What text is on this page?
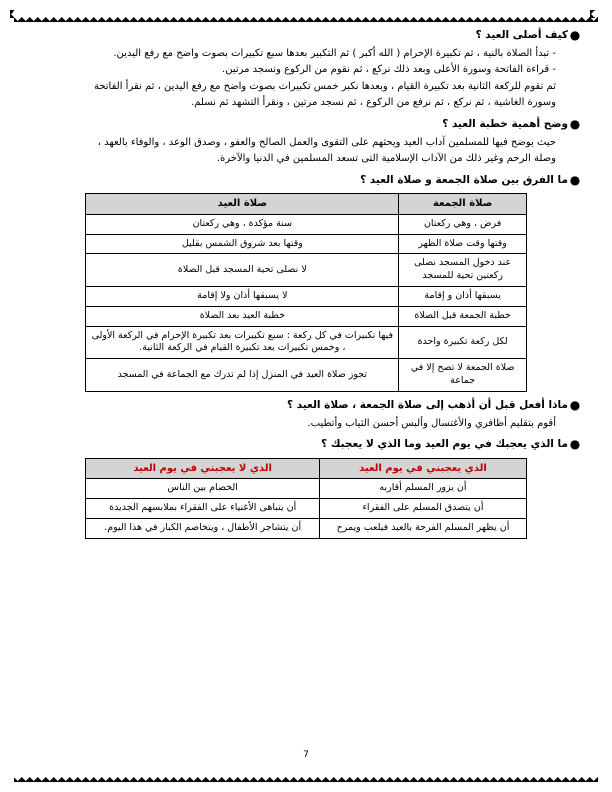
●
كيف أصلى العيد ؟

- تبدأ الصلاة بالنية ، ثم تكبيرة الإحرام ( الله أكبر ) ثم التكبير بعدها سبع تكبيرات بصوت واضح مع رفع اليدين.

- قراءة الفاتحة وسورة الأعلى وبعد ذلك نركع ، ثم نقوم من الركوع ونسجد مرتين.

ثم تقوم للركعة الثانية بعد تكبيرة القيام ، وبعدها نكبر خمس تكبيرات بصوت واضح مع رفع اليدين ، ثم نقرأ الفاتحة

وسورة الغاشية ، ثم نركع ، ثم نرفع من الركوع ، ثم نسجد مرتين ، ونقرأ التشهد ثم نسلم.

●
وضح أهمية خطبة العيد ؟

حيث يوضح فيها للمسلمين آداب العيد ويحثهم على التقوى والعمل الصالح والعفو ، وصدق الوعد ، والوفاء بالعهد ،

وصلة الرحم وغير ذلك من الآداب الإسلامية التى تسعد المسلمين في الدنيا والآخرة.

●
ما الفرق بين صلاة الجمعة و صلاة العيد ؟
صلاة الجمعة	صلاة العيد
فرض ، وهي ركعتان	سنة مؤكدة ، وهي ركعتان
وقتها وقت صلاة الظهر	وقتها بعد شروق الشمس بقليل
عند دخول المسجد نصلى ركعتين تحية للمسجد	لا نصلى تحية المسجد قبل الصلاة
يسبقها أذان و إقامة	لا يسبقها أذان ولا إقامة
خطبة الجمعة قبل الصلاة	خطبة العيد بعد الصلاة
لكل ركعة تكبيرة واحدة	فيها تكبيرات في كل ركعة : سبع تكبيرات بعد تكبيرة الإحرام في الركعة الأولى ، وخمس تكبيرات بعد تكبيرة القيام في الركعة الثانية.
صلاة الجمعة لا تصح إلا في جماعة	تجوز صلاة العيد في المنزل إذا لم تدرك مع الجماعة في المسجد
●
ماذا أفعل قبل أن أذهب إلى صلاة الجمعة ، صلاة العيد ؟

أقوم بتقليم أظافري والأغتسال وألبس أحسن الثياب وأتطيب.

●
ما الذي يعجبك في يوم العيد وما الذي لا يعجبك ؟
الذي يعجبني في يوم العيد	الذي لا يعجبني في يوم العيد
أن يزور المسلم أقاربه	الخصام بين الناس
أن يتصدق المسلم على الفقراء	أن يتباهى الأغنياء على الفقراء بملابسهم الجديدة
أن يظهر المسلم الفرحة بالعيد فيلعب ويمرح	أن يتشاجر الأطفال ، ويتخاصم الكبار في هذا اليوم.
7
